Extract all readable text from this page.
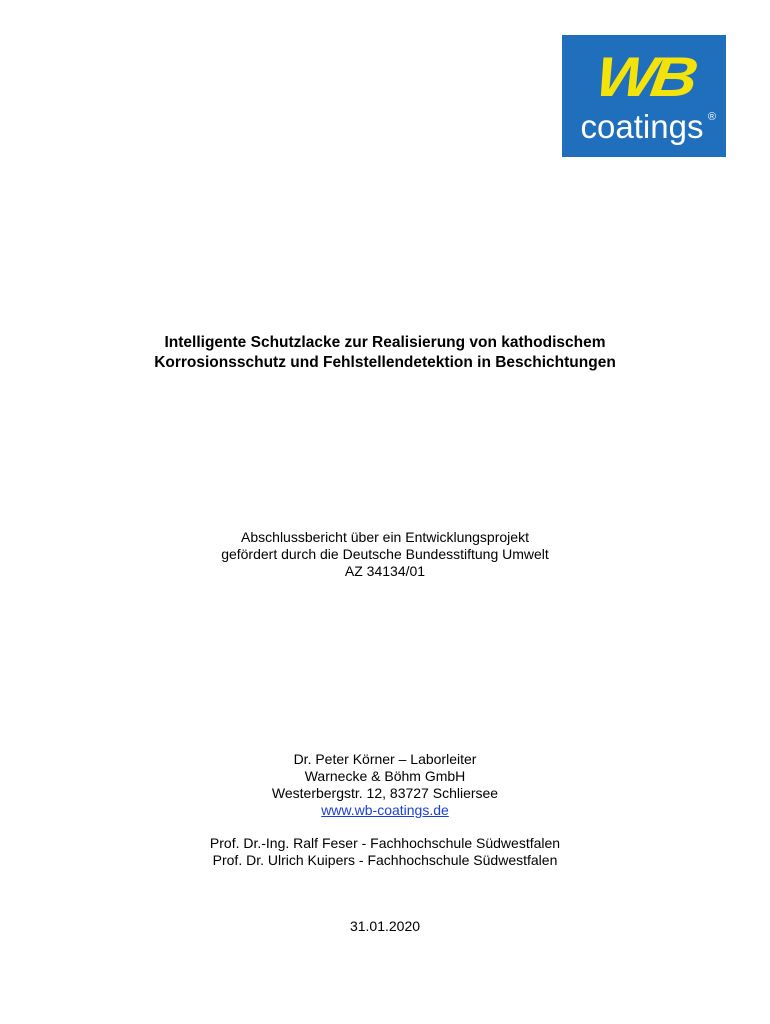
WB
coatings ®
Intelligente Schutzlacke zur Realisierung von kathodischem
Korrosionsschutz und Fehlstellendetektion in Beschichtungen
Abschlussbericht über ein Entwicklungsprojekt
gefördert durch die Deutsche Bundesstiftung Umwelt
AZ 34134/01
Dr. Peter Körner – Laborleiter
Warnecke & Böhm GmbH
Westerbergstr. 12, 83727 Schliersee
www.wb-coatings.de
Prof. Dr.-Ing. Ralf Feser - Fachhochschule Südwestfalen
Prof. Dr. Ulrich Kuipers - Fachhochschule Südwestfalen
31.01.2020
